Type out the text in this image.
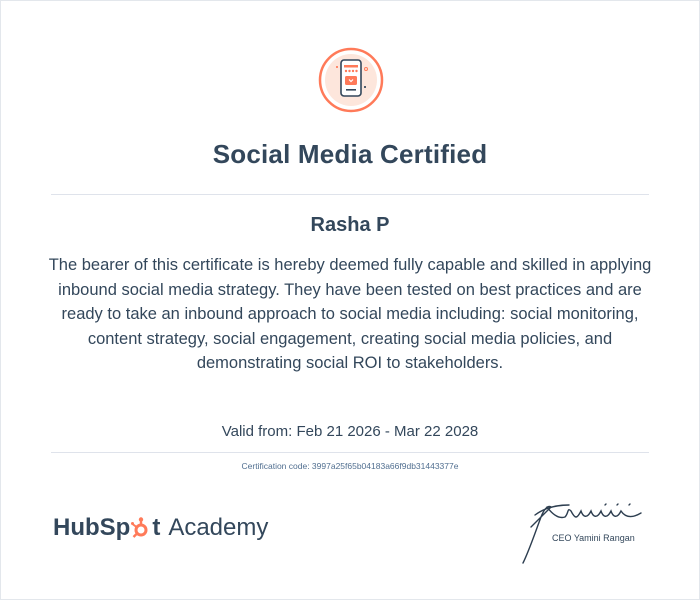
Social Media Certified
Rasha P
The bearer of this certificate is hereby deemed fully capable and skilled in applying inbound social media strategy. They have been tested on best practices and are ready to take an inbound approach to social media including: social monitoring, content strategy, social engagement, creating social media policies, and demonstrating social ROI to stakeholders.
Valid from: Feb 21 2026 - Mar 22 2028
Certification code: 3997a25f65b04183a66f9db31443377e
HubSp t Academy	CEO Yamini Rangan
